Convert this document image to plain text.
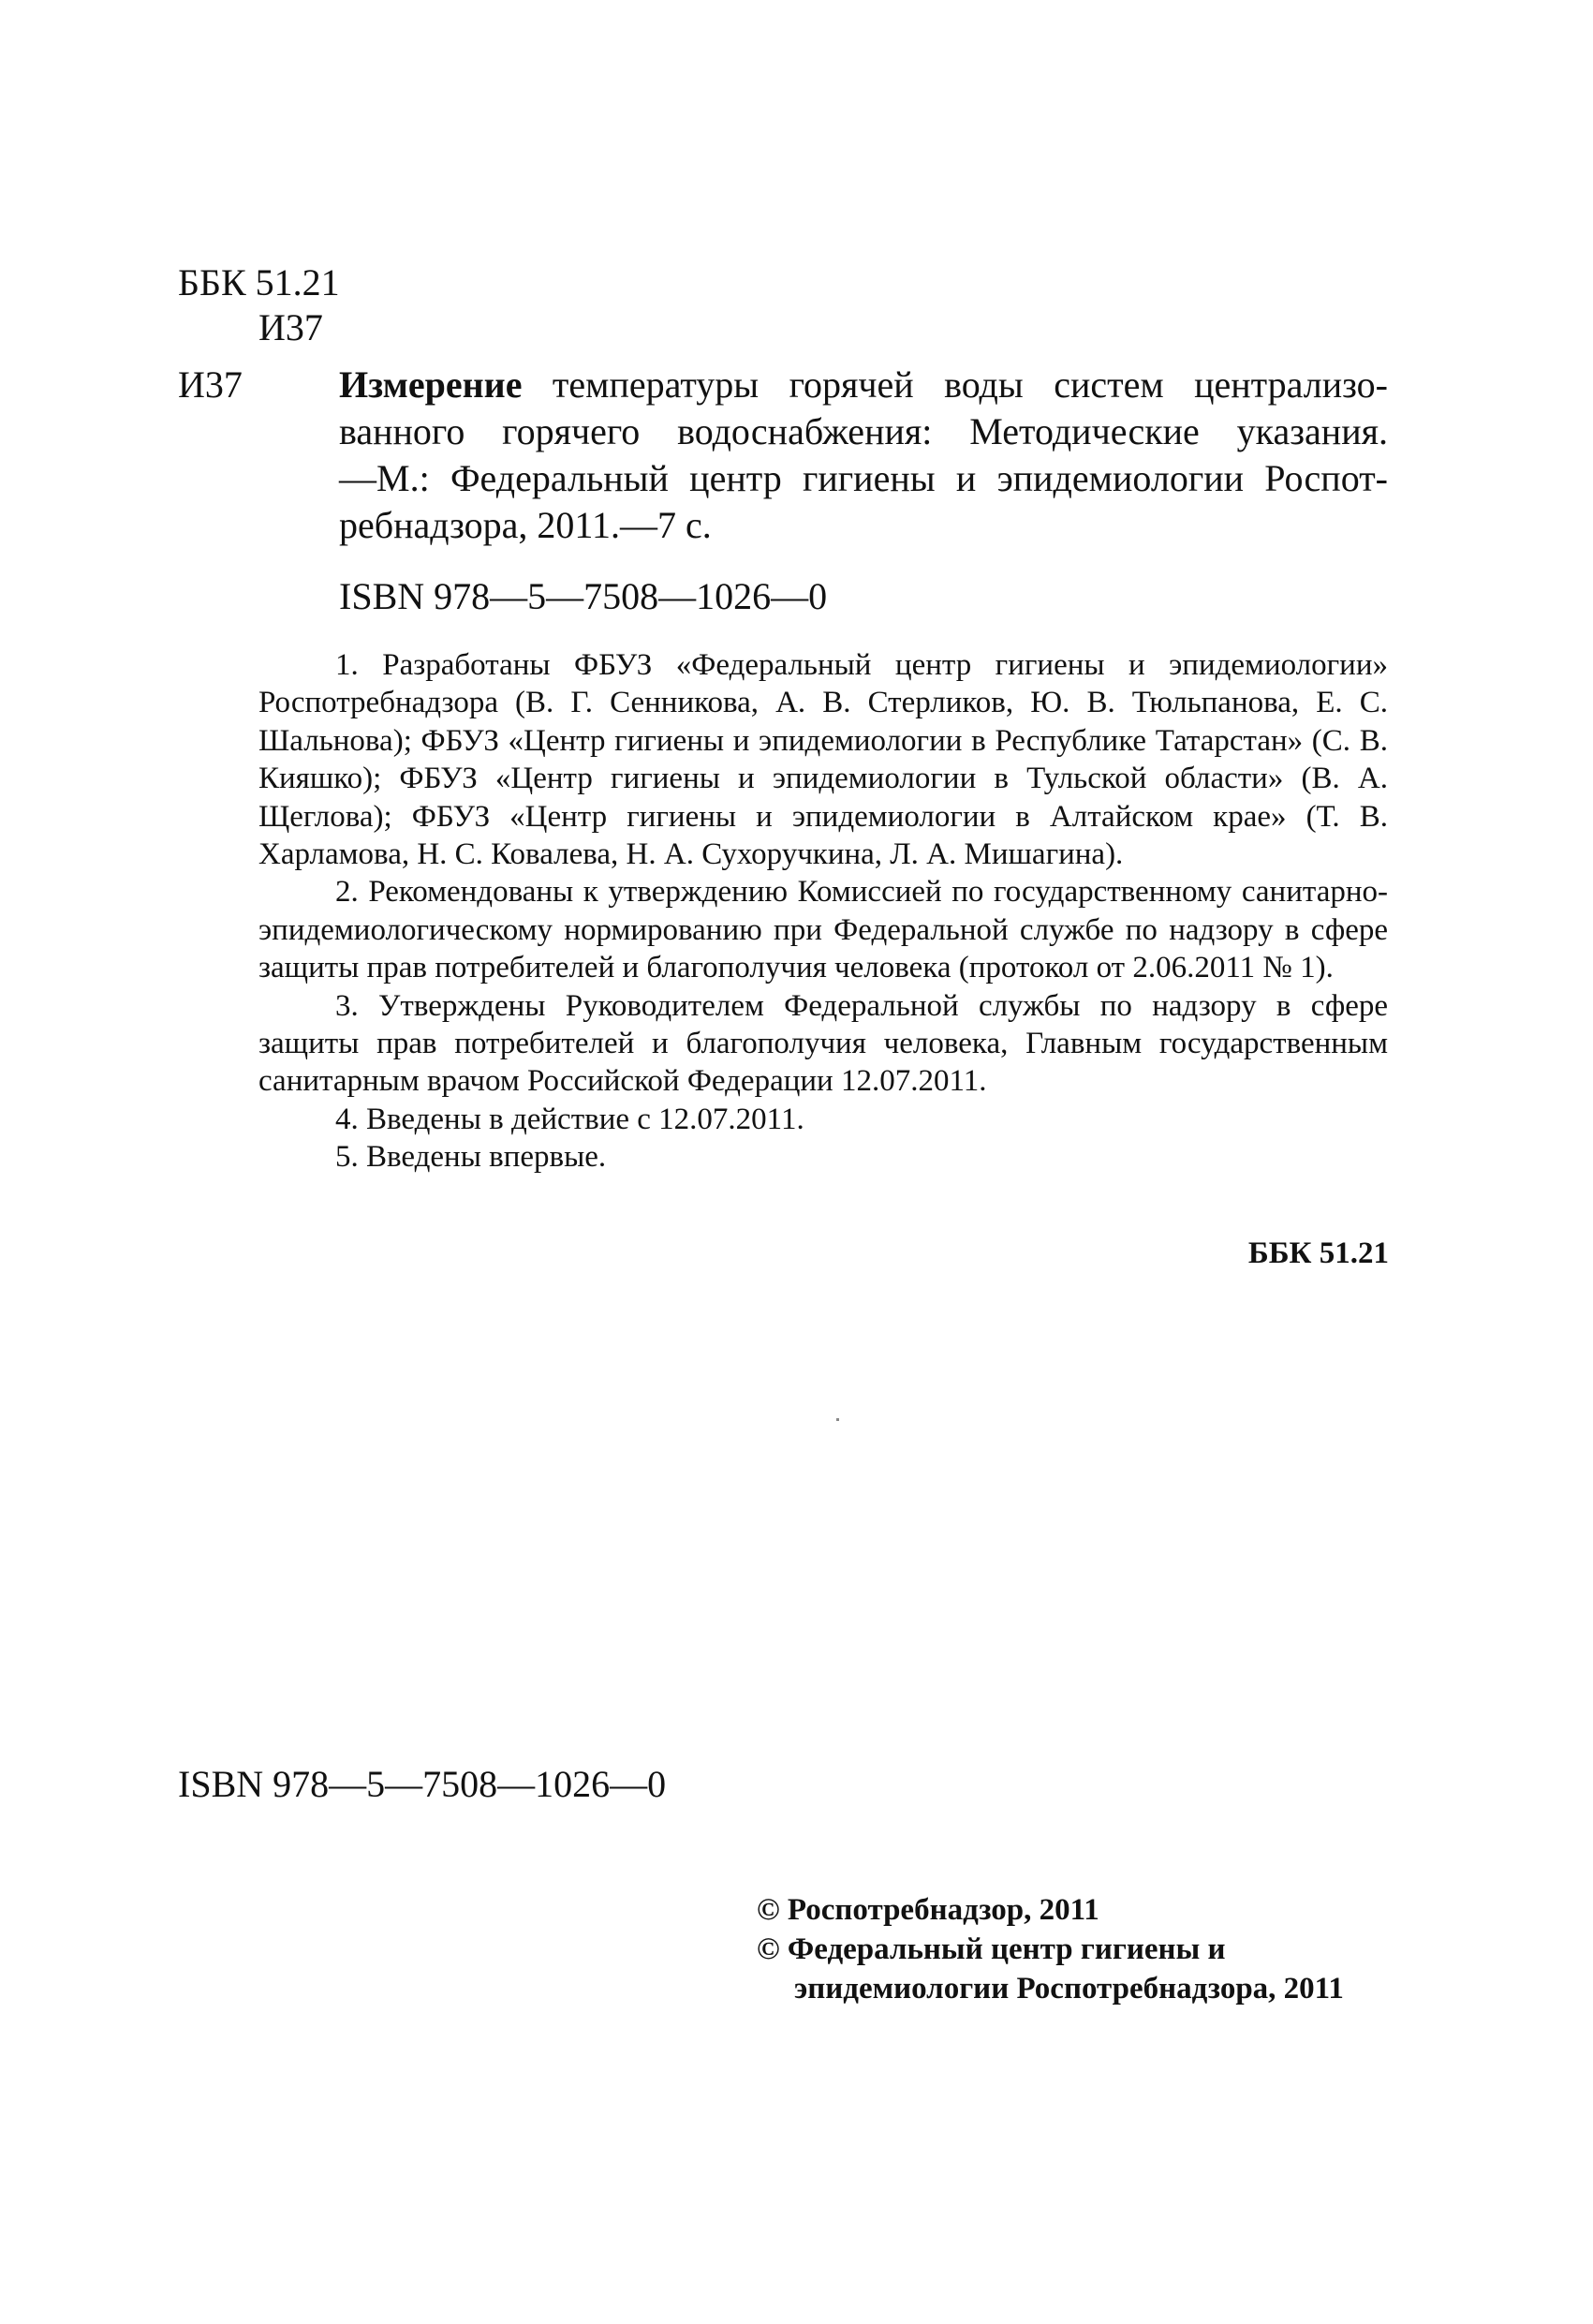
ББК 51.21
И37
И37	Измерение температуры горячей воды систем централизо-
ванного горячего водоснабжения: Методические указания.
—М.: Федеральный центр гигиены и эпидемиологии Роспот-
ребнадзора, 2011.—7 с.
ISBN 978—5—7508—1026—0

1. Разработаны ФБУЗ «Федеральный центр гигиены и эпидемиологии» Роспотребнадзора (В. Г. Сенникова, А. В. Стерликов, Ю. В. Тюльпанова, Е. С. Шальнова); ФБУЗ «Центр гигиены и эпидемиологии в Республике Татарстан» (С. В. Кияшко); ФБУЗ «Центр гигиены и эпидемиологии в Тульской области» (В. А. Щеглова); ФБУЗ «Центр гигиены и эпидемиологии в Алтайском крае» (Т. В. Харламова, Н. С. Ковалева, Н. А. Сухоручкина, Л. А. Мишагина).

2. Рекомендованы к утверждению Комиссией по государственному санитарно-эпидемиологическому нормированию при Федеральной службе по надзору в сфере защиты прав потребителей и благополучия человека (протокол от 2.06.2011 № 1).

3. Утверждены Руководителем Федеральной службы по надзору в сфере защиты прав потребителей и благополучия человека, Главным государственным санитарным врачом Российской Федерации 12.07.2011.

4. Введены в действие с 12.07.2011.

5. Введены впервые.

ББК 51.21
ISBN 978—5—7508—1026—0
© Роспотребнадзор, 2011
© Федеральный центр гигиены и
эпидемиологии Роспотребнадзора, 2011
